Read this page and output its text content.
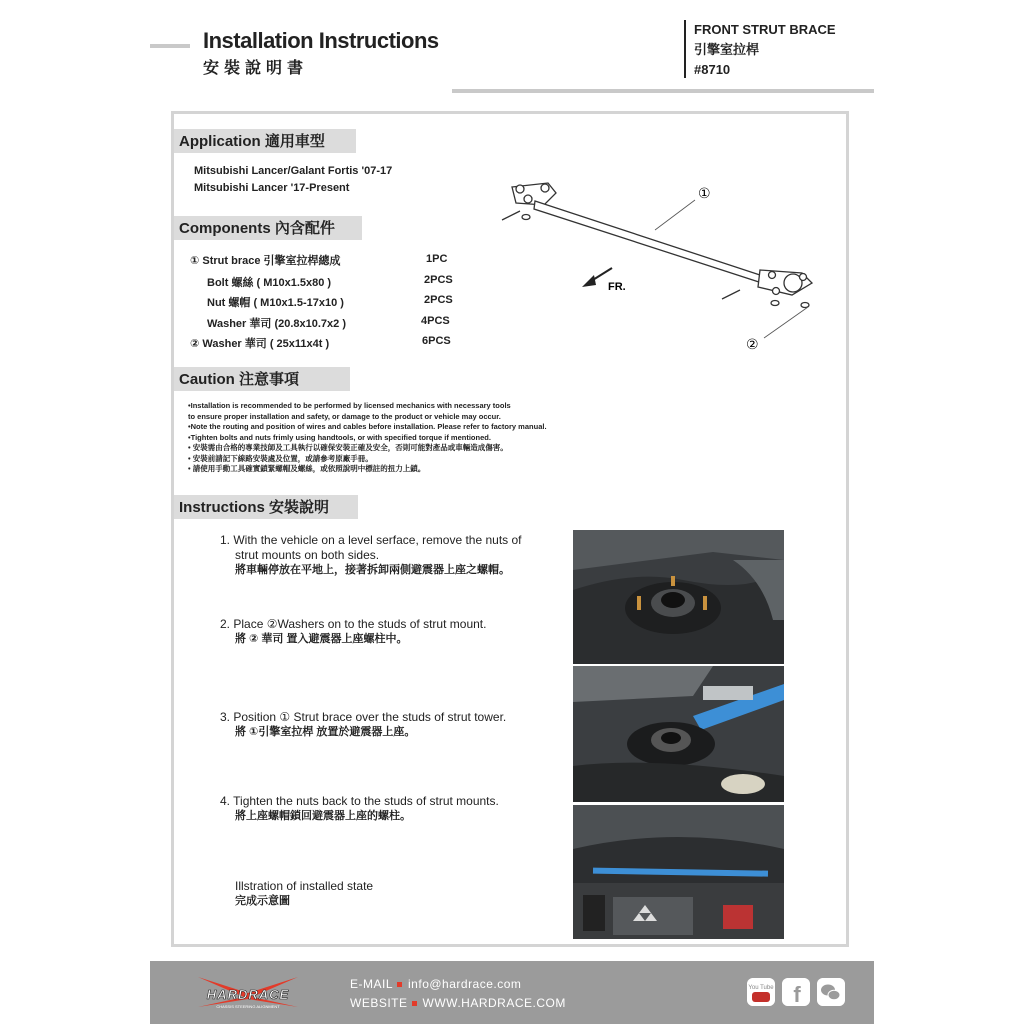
Installation Instructions
安裝說明書
FRONT STRUT BRACE
引擎室拉桿
#8710
Application 適用車型
Mitsubishi Lancer/Galant Fortis '07-17
Mitsubishi Lancer '17-Present
Components 內含配件
① Strut brace 引擎室拉桿總成	1PC
Bolt 螺絲 ( M10x1.5x80 )	2PCS
Nut 螺帽 ( M10x1.5-17x10 )	2PCS
Washer 華司 (20.8x10.7x2 )	4PCS
② Washer 華司 ( 25x11x4t )	6PCS
①
②
FR.
Caution 注意事項
•Installation is recommended to be performed by licensed mechanics with necessary tools
to ensure proper installation and safety, or damage to the product or vehicle may occur.
•Note the routing and position of wires and cables before installation. Please refer to factory manual.
•Tighten bolts and nuts frimly using handtools, or with specified torque if mentioned.
• 安裝需由合格的專業技師及工具執行以確保安裝正確及安全，否則可能對產品或車輛造成傷害。
• 安裝前請記下線路安裝處及位置，或請參考原廠手冊。
• 請使用手動工具確實鎖緊螺帽及螺絲，或依照說明中標註的扭力上鎖。
Instructions 安裝說明
1. With the vehicle on a level serface, remove the nuts of
strut mounts on both sides.
將車輛停放在平地上，接著拆卸兩側避震器上座之螺帽。
2. Place ②Washers on to the studs of strut mount.
將 ② 華司 置入避震器上座螺柱中。
3. Position ① Strut brace over the studs of strut tower.
將 ①引擎室拉桿 放置於避震器上座。
4. Tighten the nuts back to the studs of strut mounts.
將上座螺帽鎖回避震器上座的螺柱。
Illstration of installed state
完成示意圖
HARDRACE
CHASSIS STEERING ALIGNMENT
E-MAIL info@hardrace.com
WEBSITE WWW.HARDRACE.COM
You Tube f
